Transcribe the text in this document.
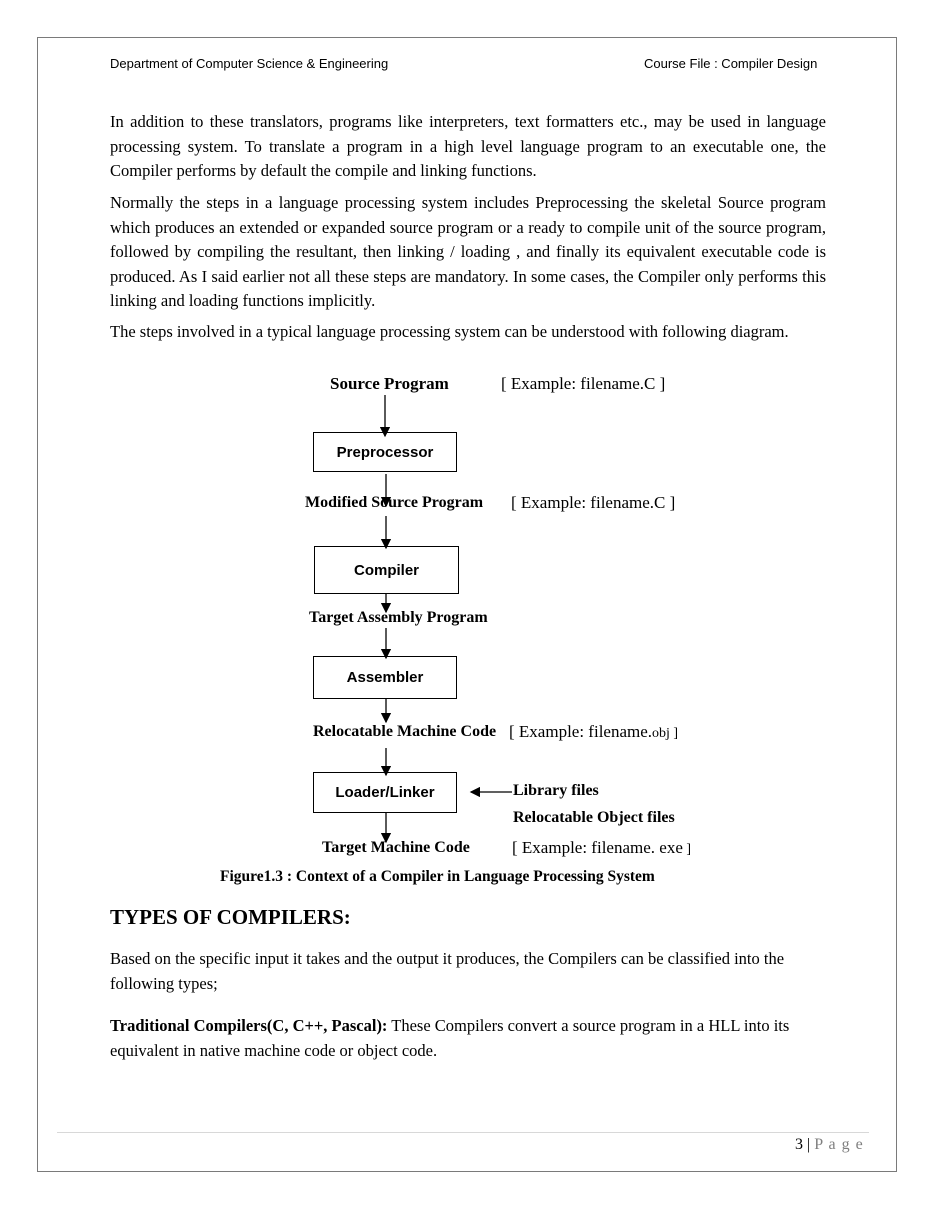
Department of Computer Science & Engineering	Course File : Compiler Design

In addition to these translators, programs like interpreters, text formatters etc., may be used in language processing system. To translate a program in a high level language program to an executable one, the Compiler performs by default the compile and linking functions.

Normally the steps in a language processing system includes Preprocessing the skeletal Source program which produces an extended or expanded source program or a ready to compile unit of the source program, followed by compiling the resultant, then linking / loading , and finally its equivalent executable code is produced. As I said earlier not all these steps are mandatory. In some cases, the Compiler only performs this linking and loading functions implicitly.

The steps involved in a typical language processing system can be understood with following diagram.

Source Program	[ Example: filename.C ]
Preprocessor
Modified Source Program [ Example: filename.C ]
Compiler
Target Assembly Program
Assembler
Relocatable Machine Code [ Example: filename.obj ]
Loader/Linker	Library files
Relocatable Object files
Target Machine Code [ Example: filename. exe ]
Figure1.3 : Context of a Compiler in Language Processing System
TYPES OF COMPILERS:

Based on the specific input it takes and the output it produces, the Compilers can be classified into the following types;

Traditional Compilers(C, C++, Pascal): These Compilers convert a source program in a HLL into its equivalent in native machine code or object code.

3 | P a g e
